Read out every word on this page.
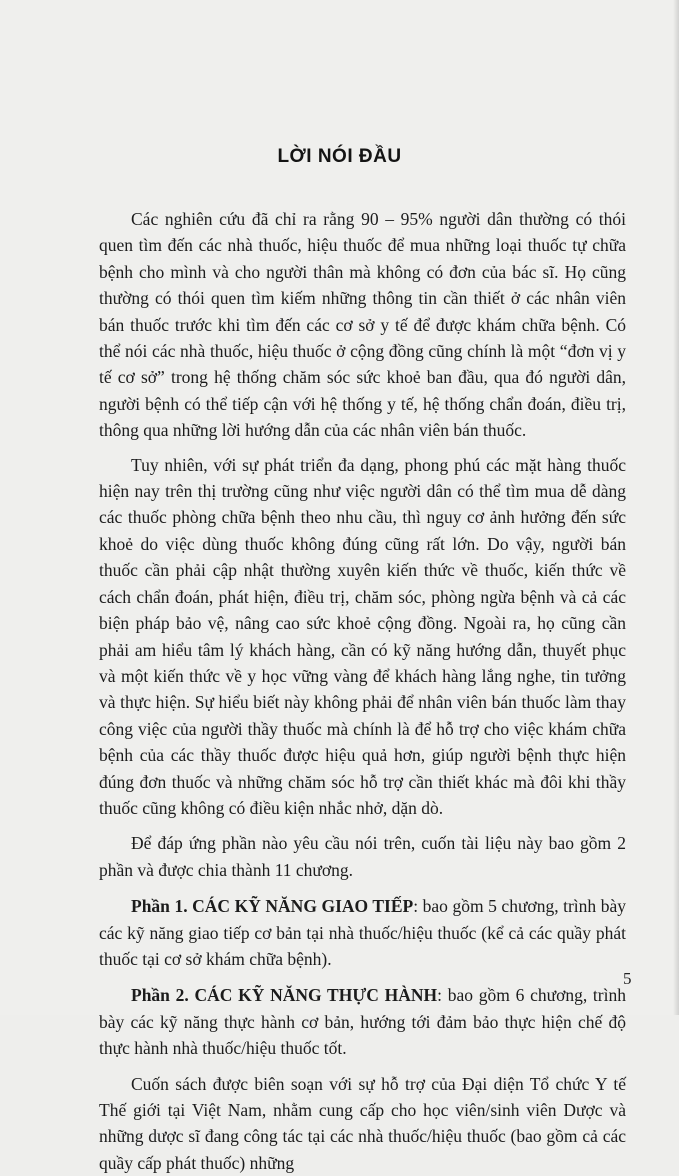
LỜI NÓI ĐẦU

Các nghiên cứu đã chỉ ra rằng 90 – 95% người dân thường có thói quen tìm đến các nhà thuốc, hiệu thuốc để mua những loại thuốc tự chữa bệnh cho mình và cho người thân mà không có đơn của bác sĩ. Họ cũng thường có thói quen tìm kiếm những thông tin cần thiết ở các nhân viên bán thuốc trước khi tìm đến các cơ sở y tế để được khám chữa bệnh. Có thể nói các nhà thuốc, hiệu thuốc ở cộng đồng cũng chính là một “đơn vị y tế cơ sở” trong hệ thống chăm sóc sức khoẻ ban đầu, qua đó người dân, người bệnh có thể tiếp cận với hệ thống y tế, hệ thống chẩn đoán, điều trị, thông qua những lời hướng dẫn của các nhân viên bán thuốc.

Tuy nhiên, với sự phát triển đa dạng, phong phú các mặt hàng thuốc hiện nay trên thị trường cũng như việc người dân có thể tìm mua dễ dàng các thuốc phòng chữa bệnh theo nhu cầu, thì nguy cơ ảnh hưởng đến sức khoẻ do việc dùng thuốc không đúng cũng rất lớn. Do vậy, người bán thuốc cần phải cập nhật thường xuyên kiến thức về thuốc, kiến thức về cách chẩn đoán, phát hiện, điều trị, chăm sóc, phòng ngừa bệnh và cả các biện pháp bảo vệ, nâng cao sức khoẻ cộng đồng. Ngoài ra, họ cũng cần phải am hiểu tâm lý khách hàng, cần có kỹ năng hướng dẫn, thuyết phục và một kiến thức về y học vững vàng để khách hàng lắng nghe, tin tưởng và thực hiện. Sự hiểu biết này không phải để nhân viên bán thuốc làm thay công việc của người thầy thuốc mà chính là để hỗ trợ cho việc khám chữa bệnh của các thầy thuốc được hiệu quả hơn, giúp người bệnh thực hiện đúng đơn thuốc và những chăm sóc hỗ trợ cần thiết khác mà đôi khi thầy thuốc cũng không có điều kiện nhắc nhở, dặn dò.

Để đáp ứng phần nào yêu cầu nói trên, cuốn tài liệu này bao gồm 2 phần và được chia thành 11 chương.

Phần 1. CÁC KỸ NĂNG GIAO TIẾP: bao gồm 5 chương, trình bày các kỹ năng giao tiếp cơ bản tại nhà thuốc/hiệu thuốc (kể cả các quầy phát thuốc tại cơ sở khám chữa bệnh).

Phần 2. CÁC KỸ NĂNG THỰC HÀNH: bao gồm 6 chương, trình bày các kỹ năng thực hành cơ bản, hướng tới đảm bảo thực hiện chế độ thực hành nhà thuốc/hiệu thuốc tốt.

Cuốn sách được biên soạn với sự hỗ trợ của Đại diện Tổ chức Y tế Thế giới tại Việt Nam, nhằm cung cấp cho học viên/sinh viên Dược và những dược sĩ đang công tác tại các nhà thuốc/hiệu thuốc (bao gồm cả các quầy cấp phát thuốc) những

5
